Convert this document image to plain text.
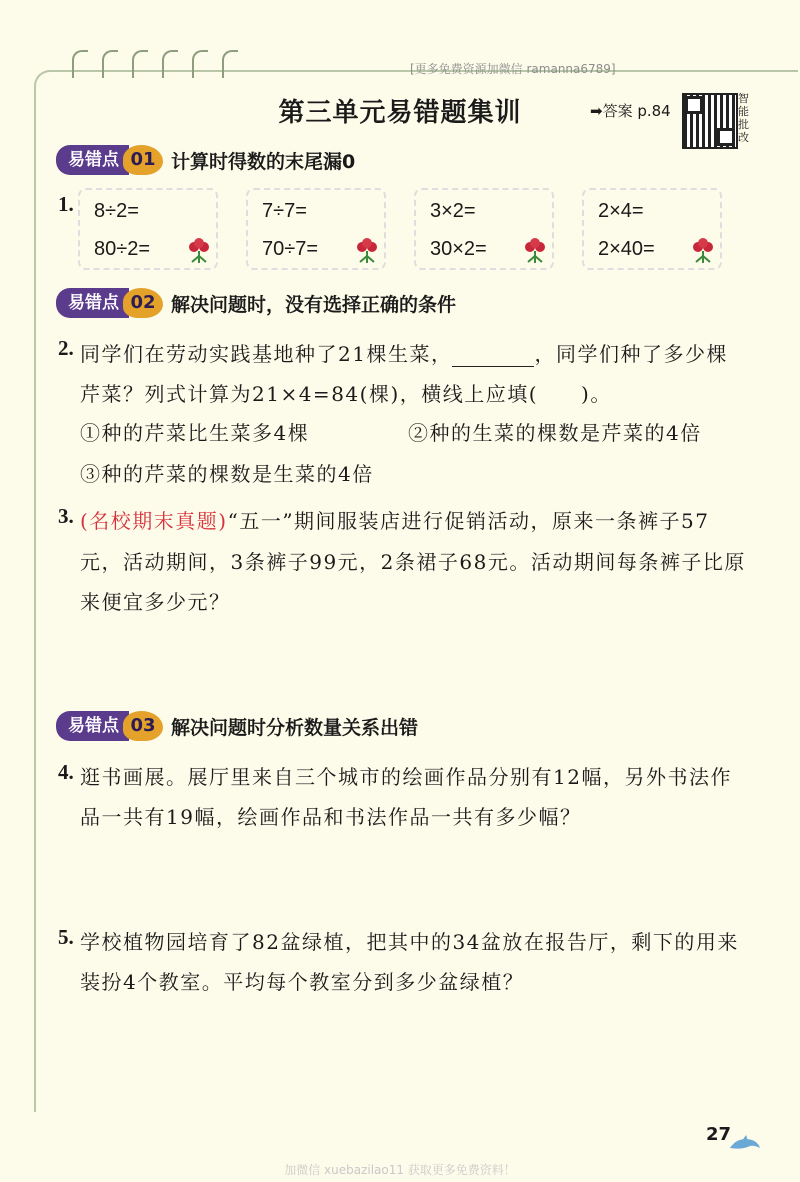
[更多免费资源加微信 ramanna6789]
第三单元易错题集训	➡答案 p.84
智
能
批
改
易错点 01 计算时得数的末尾漏0
1. 8÷2=
80÷2=
7÷7=
70÷7=
3×2=
30×2=
2×4=
2×40=
易错点 02 解决问题时，没有选择正确的条件
2. 同学们在劳动实践基地种了21棵生菜，	，同学们种了多少棵
芹菜？列式计算为21×4=84(棵)，横线上应填(　　)。
①种的芹菜比生菜多4棵	②种的生菜的棵数是芹菜的4倍
③种的芹菜的棵数是生菜的4倍
3. (名校期末真题)“五一”期间服装店进行促销活动，原来一条裤子57
元，活动期间，3条裤子99元，2条裙子68元。活动期间每条裤子比原
来便宜多少元？
易错点 03 解决问题时分析数量关系出错
4. 逛书画展。展厅里来自三个城市的绘画作品分别有12幅，另外书法作
品一共有19幅，绘画作品和书法作品一共有多少幅？
5. 学校植物园培育了82盆绿植，把其中的34盆放在报告厅，剩下的用来
装扮4个教室。平均每个教室分到多少盆绿植？
27
加微信 xuebazilao11 获取更多免费资料！
